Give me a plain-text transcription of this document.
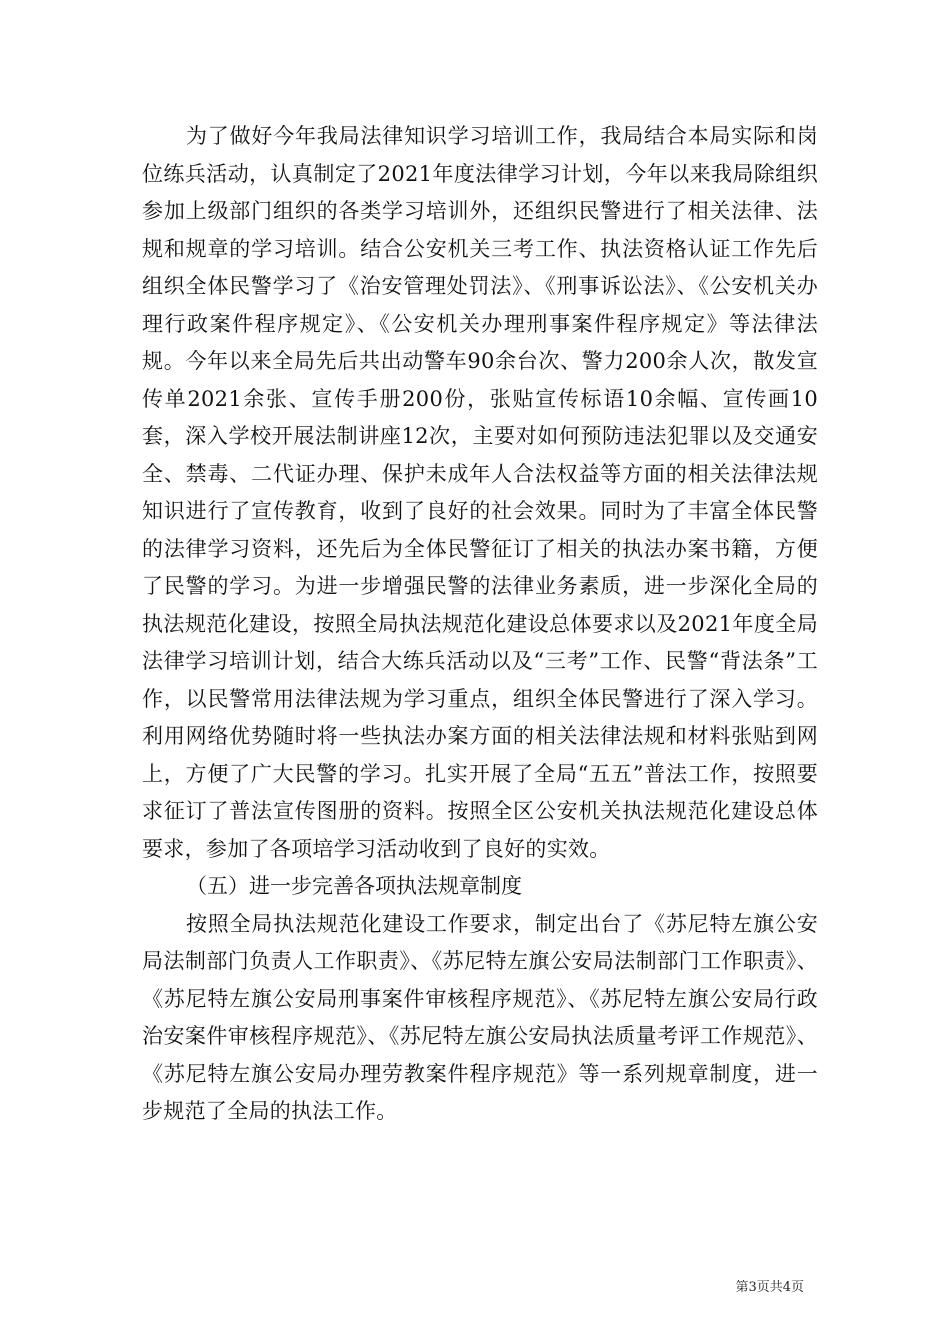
为了做好今年我局法律知识学习培训工作，我局结合本局实际和岗位练兵活动，认真制定了2021年度法律学习计划，今年以来我局除组织参加上级部门组织的各类学习培训外，还组织民警进行了相关法律、法规和规章的学习培训。结合公安机关三考工作、执法资格认证工作先后组织全体民警学习了《治安管理处罚法》、《刑事诉讼法》、《公安机关办理行政案件程序规定》、《公安机关办理刑事案件程序规定》等法律法规。今年以来全局先后共出动警车90余台次、警力200余人次，散发宣传单2021余张、宣传手册200份，张贴宣传标语10余幅、宣传画10套，深入学校开展法制讲座12次，主要对如何预防违法犯罪以及交通安全、禁毒、二代证办理、保护未成年人合法权益等方面的相关法律法规知识进行了宣传教育，收到了良好的社会效果。同时为了丰富全体民警的法律学习资料，还先后为全体民警征订了相关的执法办案书籍，方便了民警的学习。为进一步增强民警的法律业务素质，进一步深化全局的执法规范化建设，按照全局执法规范化建设总体要求以及2021年度全局法律学习培训计划，结合大练兵活动以及“三考”工作、民警“背法条”工作，以民警常用法律法规为学习重点，组织全体民警进行了深入学习。利用网络优势随时将一些执法办案方面的相关法律法规和材料张贴到网上，方便了广大民警的学习。扎实开展了全局“五五”普法工作，按照要求征订了普法宣传图册的资料。按照全区公安机关执法规范化建设总体要求，参加了各项培学习活动收到了良好的实效。

（五）进一步完善各项执法规章制度

按照全局执法规范化建设工作要求，制定出台了《苏尼特左旗公安局法制部门负责人工作职责》、《苏尼特左旗公安局法制部门工作职责》、《苏尼特左旗公安局刑事案件审核程序规范》、《苏尼特左旗公安局行政治安案件审核程序规范》、《苏尼特左旗公安局执法质量考评工作规范》、《苏尼特左旗公安局办理劳教案件程序规范》等一系列规章制度，进一步规范了全局的执法工作。

第3页共4页
